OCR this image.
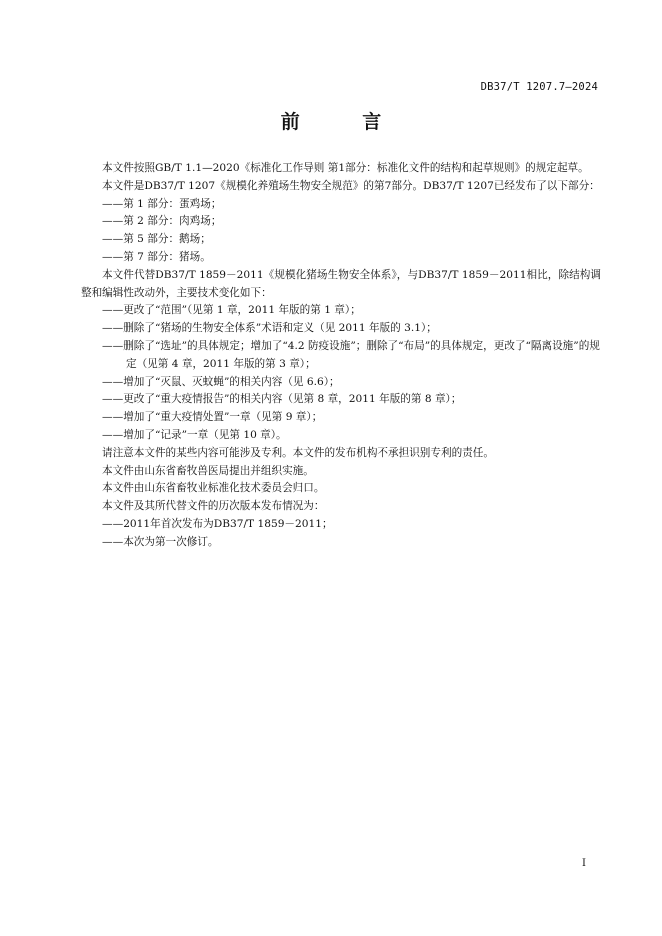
DB37/T 1207.7—2024
前 言

本文件按照GB/T 1.1—2020《标准化工作导则 第1部分：标准化文件的结构和起草规则》的规定起草。

本文件是DB37/T 1207《规模化养殖场生物安全规范》的第7部分。DB37/T 1207已经发布了以下部分：

——第 1 部分：蛋鸡场；

——第 2 部分：肉鸡场；

——第 5 部分：鹅场；

——第 7 部分：猪场。

本文件代替DB37/T 1859－2011《规模化猪场生物安全体系》，与DB37/T 1859－2011相比，除结构调整和编辑性改动外，主要技术变化如下：

——更改了“范围”（见第 1 章，2011 年版的第 1 章）；

——删除了“猪场的生物安全体系”术语和定义（见 2011 年版的 3.1）；

——删除了“选址”的具体规定；增加了“4.2 防疫设施”；删除了“布局”的具体规定，更改了“隔离设施”的规定（见第 4 章，2011 年版的第 3 章）；

——增加了“灭鼠、灭蚊蝇”的相关内容（见 6.6）；

——更改了“重大疫情报告”的相关内容（见第 8 章，2011 年版的第 8 章）；

——增加了“重大疫情处置”一章（见第 9 章）；

——增加了“记录”一章（见第 10 章）。

请注意本文件的某些内容可能涉及专利。本文件的发布机构不承担识别专利的责任。

本文件由山东省畜牧兽医局提出并组织实施。

本文件由山东省畜牧业标准化技术委员会归口。

本文件及其所代替文件的历次版本发布情况为：

——2011年首次发布为DB37/T 1859－2011；

——本次为第一次修订。

I
